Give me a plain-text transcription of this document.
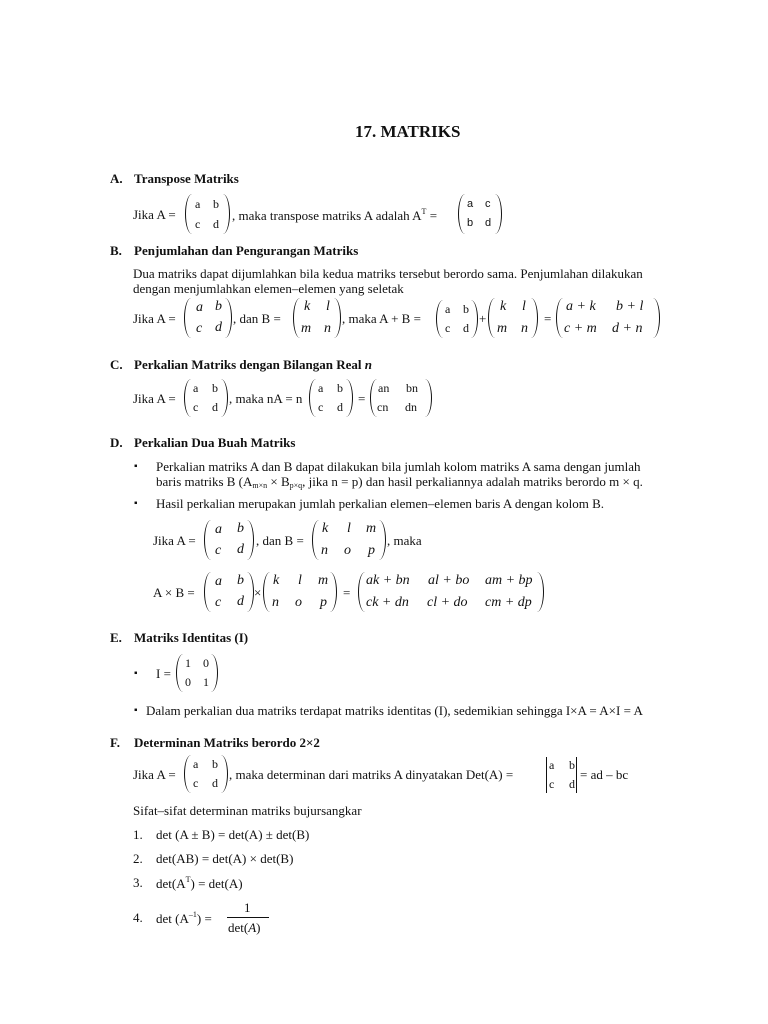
17. MATRIKS
A. Transpose Matriks
Jika A =
a b
c d
, maka transpose matriks A adalah $A^T$ =
a c
b d
B. Penjumlahan dan Pengurangan Matriks
Dua matriks dapat dijumlahkan bila kedua matriks tersebut berordo sama. Penjumlahan dilakukan
dengan menjumlahkan elemen–elemen yang seletak
Jika A =
a b
c d
, dan B =
k l
m n
, maka A + B =
a b
c d
+
k l
m n
=
a + k b + l
c + m d + n
C. Perkalian Matriks dengan Bilangan Real n
Jika A =
a b
c d
, maka nA = n
a b
c d
=
an bn
cn dn
D. Perkalian Dua Buah Matriks
▪ Perkalian matriks A dan B dapat dilakukan bila jumlah kolom matriks A sama dengan jumlah
baris matriks B ($A_{m\times n} \times B_{p\times q}$, jika n = p) dan hasil perkaliannya adalah matriks berordo m × q.
▪ Hasil perkalian merupakan jumlah perkalian elemen–elemen baris A dengan kolom B.
Jika A =
a b
c d
, dan B =
k l m
n o p
, maka
A × B =
a b
c d
×
k l m
n o p
=
ak + bn al + bo am + bp
ck + dn cl + do cm + dp
E. Matriks Identitas (I)
▪ I =
1 0
0 1
▪ Dalam perkalian dua matriks terdapat matriks identitas (I), sedemikian sehingga I×A = A×I = A
F. Determinan Matriks berordo 2×2
Jika A =
a b
c d
, maka determinan dari matriks A dinyatakan Det(A) =
a b
c d
= ad – bc
Sifat–sifat determinan matriks bujursangkar
1. det (A ± B) = det(A) ± det(B)
2. det(AB) = det(A) × det(B)
3. $\det(A^T) = \det(A)$
4. $\det (A^{-1})$ =
1
det(A)
